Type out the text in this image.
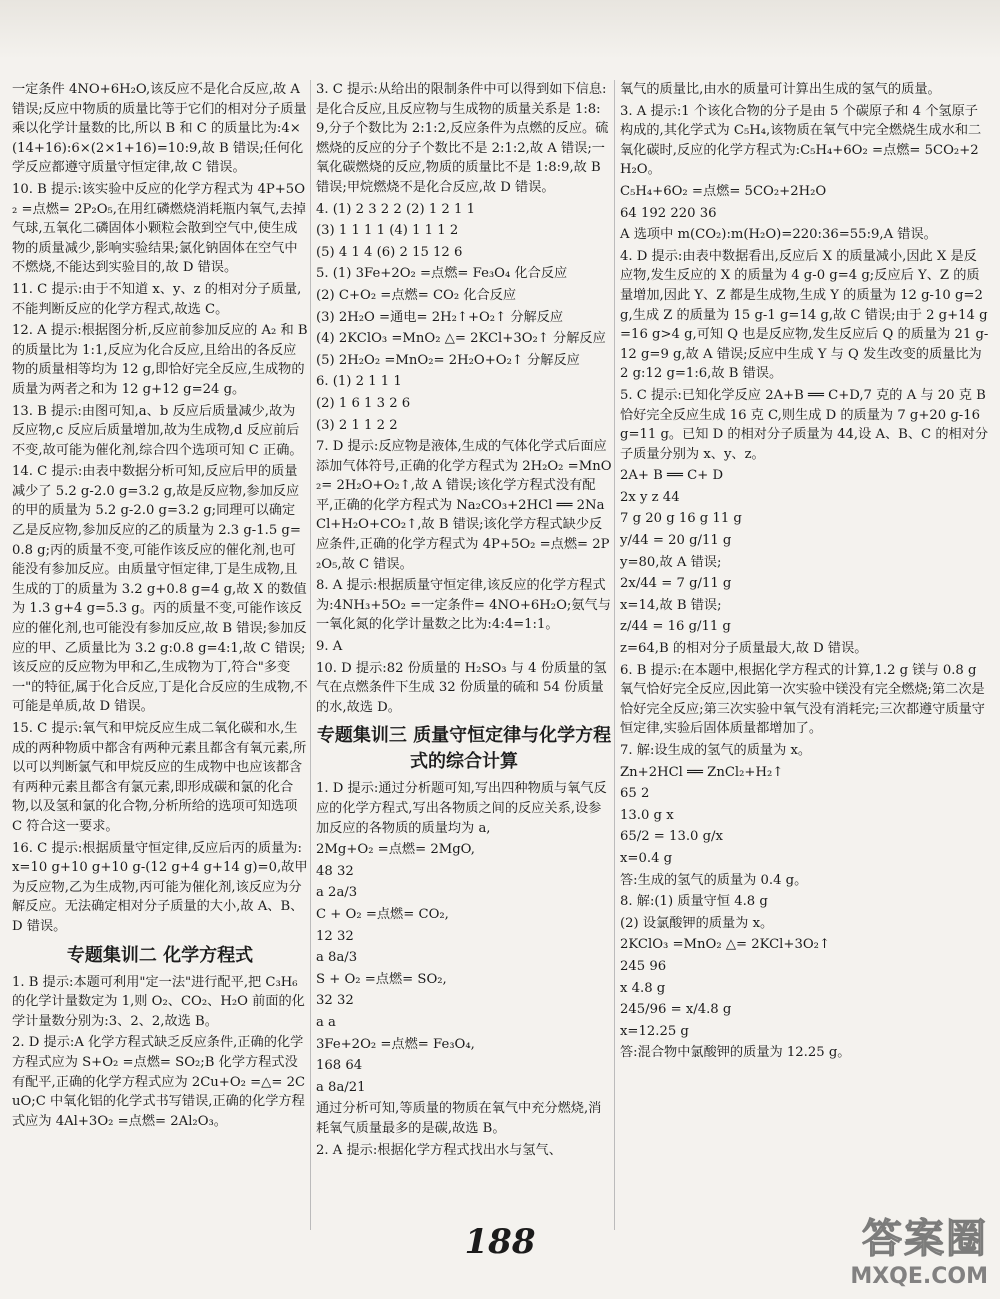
一定条件 4NO+6H₂O,该反应不是化合反应,故 A 错误;反应中物质的质量比等于它们的相对分子质量乘以化学计量数的比,所以 B 和 C 的质量比为:4×(14+16):6×(2×1+16)=10:9,故 B 错误;任何化学反应都遵守质量守恒定律,故 C 错误。
10. B 提示:该实验中反应的化学方程式为 4P+5O₂ =点燃= 2P₂O₅,在用红磷燃烧消耗瓶内氧气,去掉气球,五氧化二磷固体小颗粒会散到空气中,使生成物的质量减少,影响实验结果;氯化钠固体在空气中不燃烧,不能达到实验目的,故 D 错误。
11. C 提示:由于不知道 x、y、z 的相对分子质量,不能判断反应的化学方程式,故选 C。
12. A 提示:根据图分析,反应前参加反应的 A₂ 和 B 的质量比为 1:1,反应为化合反应,且给出的各反应物的质量相等均为 12 g,即恰好完全反应,生成物的质量为两者之和为 12 g+12 g=24 g。
13. B 提示:由图可知,a、b 反应后质量减少,故为反应物,c 反应后质量增加,故为生成物,d 反应前后不变,故可能为催化剂,综合四个选项可知 C 正确。
14. C 提示:由表中数据分析可知,反应后甲的质量减少了 5.2 g-2.0 g=3.2 g,故是反应物,参加反应的甲的质量为 5.2 g-2.0 g=3.2 g;同理可以确定乙是反应物,参加反应的乙的质量为 2.3 g-1.5 g=0.8 g;丙的质量不变,可能作该反应的催化剂,也可能没有参加反应。由质量守恒定律,丁是生成物,且生成的丁的质量为 3.2 g+0.8 g=4 g,故 X 的数值为 1.3 g+4 g=5.3 g。丙的质量不变,可能作该反应的催化剂,也可能没有参加反应,故 B 错误;参加反应的甲、乙质量比为 3.2 g:0.8 g=4:1,故 C 错误;该反应的反应物为甲和乙,生成物为丁,符合"多变一"的特征,属于化合反应,丁是化合反应的生成物,不可能是单质,故 D 错误。
15. C 提示:氧气和甲烷反应生成二氧化碳和水,生成的两种物质中都含有两种元素且都含有氧元素,所以可以判断氯气和甲烷反应的生成物中也应该都含有两种元素且都含有氯元素,即形成碳和氯的化合物,以及氢和氯的化合物,分析所给的选项可知选项 C 符合这一要求。
16. C 提示:根据质量守恒定律,反应后丙的质量为:x=10 g+10 g+10 g-(12 g+4 g+14 g)=0,故甲为反应物,乙为生成物,丙可能为催化剂,该反应为分解反应。无法确定相对分子质量的大小,故 A、B、D 错误。
专题集训二 化学方程式
1. B 提示:本题可利用"定一法"进行配平,把 C₃H₆ 的化学计量数定为 1,则 O₂、CO₂、H₂O 前面的化学计量数分别为:3、2、2,故选 B。
2. D 提示:A 化学方程式缺乏反应条件,正确的化学方程式应为 S+O₂ =点燃= SO₂;B 化学方程式没有配平,正确的化学方程式应为 2Cu+O₂ =△= 2CuO;C 中氧化铝的化学式书写错误,正确的化学方程式应为 4Al+3O₂ =点燃= 2Al₂O₃。
3. C 提示:从给出的限制条件中可以得到如下信息:是化合反应,且反应物与生成物的质量关系是 1:8:9,分子个数比为 2:1:2,反应条件为点燃的反应。硫燃烧的反应的分子个数比不是 2:1:2,故 A 错误;一氧化碳燃烧的反应,物质的质量比不是 1:8:9,故 B 错误;甲烷燃烧不是化合反应,故 D 错误。
4. (1) 2 3 2 2 (2) 1 2 1 1
(3) 1 1 1 1 (4) 1 1 1 2
(5) 4 1 4 (6) 2 15 12 6
5. (1) 3Fe+2O₂ =点燃= Fe₃O₄ 化合反应
(2) C+O₂ =点燃= CO₂ 化合反应
(3) 2H₂O =通电= 2H₂↑+O₂↑ 分解反应
(4) 2KClO₃ =MnO₂ △= 2KCl+3O₂↑ 分解反应
(5) 2H₂O₂ =MnO₂= 2H₂O+O₂↑ 分解反应
6. (1) 2 1 1 1
(2) 1 6 1 3 2 6
(3) 2 1 1 2 2
7. D 提示:反应物是液体,生成的气体化学式后面应添加气体符号,正确的化学方程式为 2H₂O₂ =MnO₂= 2H₂O+O₂↑,故 A 错误;该化学方程式没有配平,正确的化学方程式为 Na₂CO₃+2HCl ══ 2NaCl+H₂O+CO₂↑,故 B 错误;该化学方程式缺少反应条件,正确的化学方程式为 4P+5O₂ =点燃= 2P₂O₅,故 C 错误。
8. A 提示:根据质量守恒定律,该反应的化学方程式为:4NH₃+5O₂ =一定条件= 4NO+6H₂O;氨气与一氧化氮的化学计量数之比为:4:4=1:1。
9. A
10. D 提示:82 份质量的 H₂SO₃ 与 4 份质量的氢气在点燃条件下生成 32 份质量的硫和 54 份质量的水,故选 D。
专题集训三 质量守恒定律与化学方程式的综合计算
1. D 提示:通过分析题可知,写出四种物质与氧气反应的化学方程式,写出各物质之间的反应关系,设参加反应的各物质的质量均为 a,
2Mg+O₂ =点燃= 2MgO,
48 32
a 2a/3
C + O₂ =点燃= CO₂,
12 32
a 8a/3
S + O₂ =点燃= SO₂,
32 32
a a
3Fe+2O₂ =点燃= Fe₃O₄,
168 64
a 8a/21
通过分析可知,等质量的物质在氧气中充分燃烧,消耗氧气质量最多的是碳,故选 B。
2. A 提示:根据化学方程式找出水与氢气、
氧气的质量比,由水的质量可计算出生成的氢气的质量。
3. A 提示:1 个该化合物的分子是由 5 个碳原子和 4 个氢原子构成的,其化学式为 C₅H₄,该物质在氧气中完全燃烧生成水和二氧化碳时,反应的化学方程式为:C₅H₄+6O₂ =点燃= 5CO₂+2H₂O。
C₅H₄+6O₂ =点燃= 5CO₂+2H₂O
64 192 220 36
A 选项中 m(CO₂):m(H₂O)=220:36=55:9,A 错误。
4. D 提示:由表中数据看出,反应后 X 的质量减小,因此 X 是反应物,发生反应的 X 的质量为 4 g-0 g=4 g;反应后 Y、Z 的质量增加,因此 Y、Z 都是生成物,生成 Y 的质量为 12 g-10 g=2 g,生成 Z 的质量为 15 g-1 g=14 g,故 C 错误;由于 2 g+14 g=16 g>4 g,可知 Q 也是反应物,发生反应后 Q 的质量为 21 g-12 g=9 g,故 A 错误;反应中生成 Y 与 Q 发生改变的质量比为 2 g:12 g=1:6,故 B 错误。
5. C 提示:已知化学反应 2A+B ══ C+D,7 克的 A 与 20 克 B 恰好完全反应生成 16 克 C,则生成 D 的质量为 7 g+20 g-16 g=11 g。已知 D 的相对分子质量为 44,设 A、B、C 的相对分子质量分别为 x、y、z。
2A+ B ══ C+ D
2x y z 44
7 g 20 g 16 g 11 g
y/44 = 20 g/11 g
y=80,故 A 错误;
2x/44 = 7 g/11 g
x=14,故 B 错误;
z/44 = 16 g/11 g
z=64,B 的相对分子质量最大,故 D 错误。
6. B 提示:在本题中,根据化学方程式的计算,1.2 g 镁与 0.8 g 氧气恰好完全反应,因此第一次实验中镁没有完全燃烧;第二次是恰好完全反应;第三次实验中氧气没有消耗完;三次都遵守质量守恒定律,实验后固体质量都增加了。
7. 解:设生成的氢气的质量为 x。
Zn+2HCl ══ ZnCl₂+H₂↑
65 2
13.0 g x
65/2 = 13.0 g/x
x=0.4 g
答:生成的氢气的质量为 0.4 g。
8. 解:(1) 质量守恒 4.8 g
(2) 设氯酸钾的质量为 x。
2KClO₃ =MnO₂ △= 2KCl+3O₂↑
245 96
x 4.8 g
245/96 = x/4.8 g
x=12.25 g
答:混合物中氯酸钾的质量为 12.25 g。
188	答案圈
MXQE.COM
